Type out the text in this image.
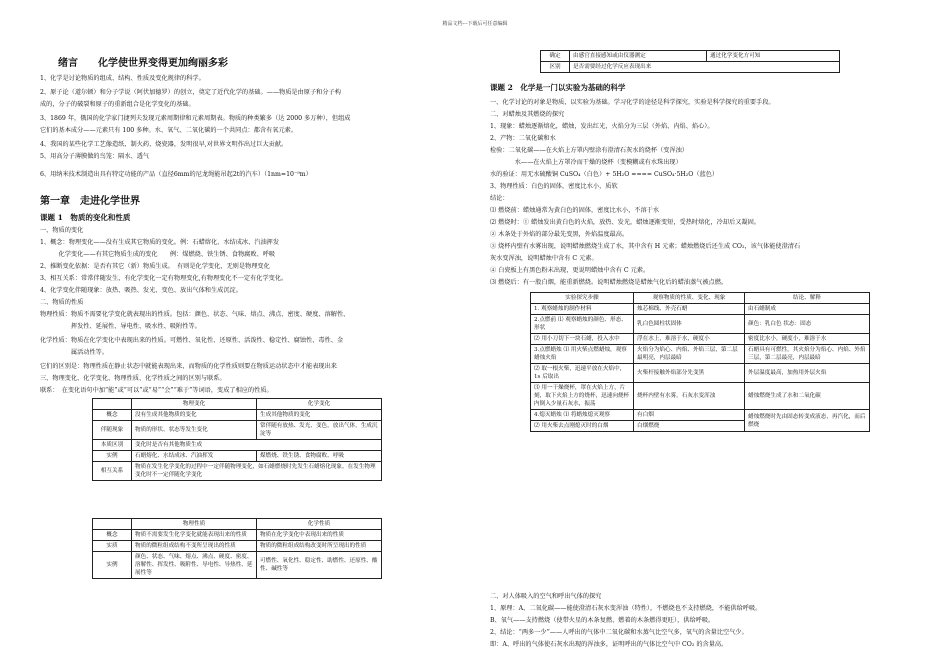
精品文档---下载后可任意编辑
绪言　　化学使世界变得更加绚丽多彩
1、化学是讨论物质的组成、结构、性质及变化规律的科学。
2、原子论（道尔顿）和分子学说（阿伏加德罗）的创立，奠定了近代化学的基础。——物质是由原子和分子构
成的，分子的破裂和原子的重新组合是化学变化的基础。
3、1869 年，俄国的化学家门捷列夫发现元素周期律和元素周期表。物质的种类繁多（达 2000 多万种），但组成
它们的基本成分——元素只有 100 多种。水、氧气、二氧化碳的一个共同点：都含有氧元素。
4、我国的某些化学工艺像造纸、制火药、烧瓷器，发明很早,对世界文明作出过巨大贡献。
5、用高分子薄膜做的鸟笼：隔水、透气
6、用纳米技术制造出具有特定功能的产品（直径6mm的尼龙绳能吊起2t的汽车）（1nm=10⁻⁹m）
第一章　走进化学世界
课题 1　物质的变化和性质
一、物质的变化
1、概念：物理变化——没有生成其它物质的变化。例：石蜡熔化、水结成冰、汽油挥发
　　　化学变化——有其它物质生成的变化　　例：煤燃烧、铁生锈、食物腐败、呼吸
2、推断变化依据：是否有其它（新）物质生成。　有则是化学变化，无则是物理变化
3、相互关系：常常伴随发生，有化学变化一定有物理变化,有物理变化不一定有化学变化。
4、化学变化伴随现象：放热、吸热、发光、变色、放出气体和生成沉淀。
二、物质的性质
物理性质：物质不需要化学变化就表现出的性质。包括：颜色、状态、气味、熔点、沸点、密度、硬度、溶解性、
　　　　　挥发性、延展性、导电性、吸水性、吸附性等。
化学性质：物质在化学变化中表现出来的性质。可燃性、氧化性、还原性、活泼性、稳定性、腐蚀性、毒性、金
　　　　　属活动性等。
它们的区别是：物理性质在静止状态中就能表现出来，而物质的化学性质则要在物质运动状态中才能表现出来
三、物理变化、化学变化、物理性质、化学性质之间的区别与联系。
联系：　在变化语句中加“能”或“可以”或“易”“会”“难于”等词语，变成了相应的性质。
	物理变化	化学变化
概念	没有生成其他物质的变化	生成其他物质的变化
伴随现象	物质的形状、状态等发生变化	常伴随有放热、发光、变色，放出气体，生成沉淀等
本质区别	变化时是否有其他物质生成	
实例	石蜡熔化、水结成冰、汽油挥发	煤燃烧、铁生锈、食物腐败、呼吸
相互关系	物质在发生化学变化的过程中一定伴随物理变化，如石蜡燃烧时先发生石蜡熔化现象。在发生物理变化时不一定伴随化学变化	
	物理性质	化学性质
概念	物质不需要发生化学变化就能表现出来的性质	物质在化学变化中表现出来的性质
实质	物质的微粒组成结构不变所呈现出的性质	物质的微粒组成结构改变时所呈现出的性质
实例	颜色、状态、气味、熔点、沸点、硬度、密度、溶解性、挥发性、吸附性、导电性、导热性、延展性等	可燃性、氧化性、稳定性、助燃性、还原性、酸性、碱性等
确定	由感官直接感知或由仪器测定	通过化学变化方可知
区别	是否需要经过化学反应表现出来	
课题 2　化学是一门以实验为基础的科学
一、化学讨论的对象是物质，以实验为基础。学习化学的途径是科学探究，实验是科学探究的重要手段。
二、对蜡烛及其燃烧的探究
1、现象：蜡烛逐渐熔化，蜡烛，发出红光，火焰分为三层（外焰、内焰、焰心）。
2、产物：二氧化碳和水
检验：二氧化碳——在火焰上方罩内壁涂有澄清石灰水的烧杯（变浑浊）
　　　　水——在火焰上方罩冷而干燥的烧杯（变模糊或有水珠出现）
水的验证：用无水硫酸铜 CuSO₄（白色）+ 5H₂O ==== CuSO₄·5H₂O（蓝色）
3、物理性质：白色的固体，密度比水小，质软
结论：
⑴ 燃烧前：蜡烛通常为黄白色的固体，密度比水小，不溶于水
⑵ 燃烧时：① 蜡烛发出黄白色的火焰，放热、发光，蜡烛逐渐变短，受热时熔化，冷却后又凝固。
② 木条处于外焰的部分最先变黑，外焰温度最高。
③ 烧杯内壁有水雾出现，说明蜡烛燃烧生成了水，其中含有 H 元素；蜡烛燃烧后还生成 CO₂，该气体能使澄清石
灰水变浑浊，说明蜡烛中含有 C 元素。
④ 白瓷板上有黑色粉末出现，更说明蜡烛中含有 C 元素。
⑶ 燃烧后：有一股白烟，能重新燃烧。说明蜡烛燃烧是蜡烛气化后的蜡油蒸气被点燃。
实验探究步骤	观察物质的性质、变化、现象	结论、解释
1. 观察蜡烛的制作材料	烛芯棉线、外壳石蜡	由石蜡制成
2.点燃前 ⑴ 观察蜡烛的颜色、形态、形状	乳白色圆柱状固体	颜色：乳白色 状态：固态
⑵ 用小刀切下一块石蜡，投入水中	浮在水上，难溶于水，硬度小	密度比水小，硬度小，难溶于水
3.点燃蜡烛 ⑴ 用火柴点燃蜡烛，观察蜡烛火焰	火焰分为焰心、内焰、外焰三层，第二层最明亮，内层最暗	石蜡具有可燃性，其火焰分为焰心、内焰、外焰三层，第二层最亮，内层最暗
⑵ 取一根火柴，迅速平放在火焰中，1s 后取出	火柴杆接触外焰部分先变黑	外层温度最高，加热用外层火焰
⑶ 用一干燥烧杯，罩在火焰上方，片刻，取下火焰上方的烧杯，迅速向烧杯内倒入少量石灰水，振荡	烧杯内壁有水雾，石灰水变浑浊	蜡烛燃烧生成了水和二氧化碳
4.熄灭蜡烛 ⑴ 将蜡烛熄灭观察	有白烟	蜡烛燃烧时先由固态转变成液态，再汽化，而后燃烧
⑵ 用火柴去点刚熄灭时的白烟	白烟燃烧	
二、对人体吸入的空气和呼出气体的探究
1、原理：A、二氧化碳——能使澄清石灰水变浑浊（特性），不燃烧也不支持燃烧，不能供给呼吸。
B、氧气——支持燃烧（使带火星的木条复燃、燃着的木条燃得更旺），供给呼吸。
2、结论：“两多一少”——人呼出的气体中二氧化碳和水蒸气比空气多，氧气的含量比空气少。
即：A、呼出的气体使石灰水出现的浑浊多，证明呼出的气体比空气中 CO₂ 的含量高。
